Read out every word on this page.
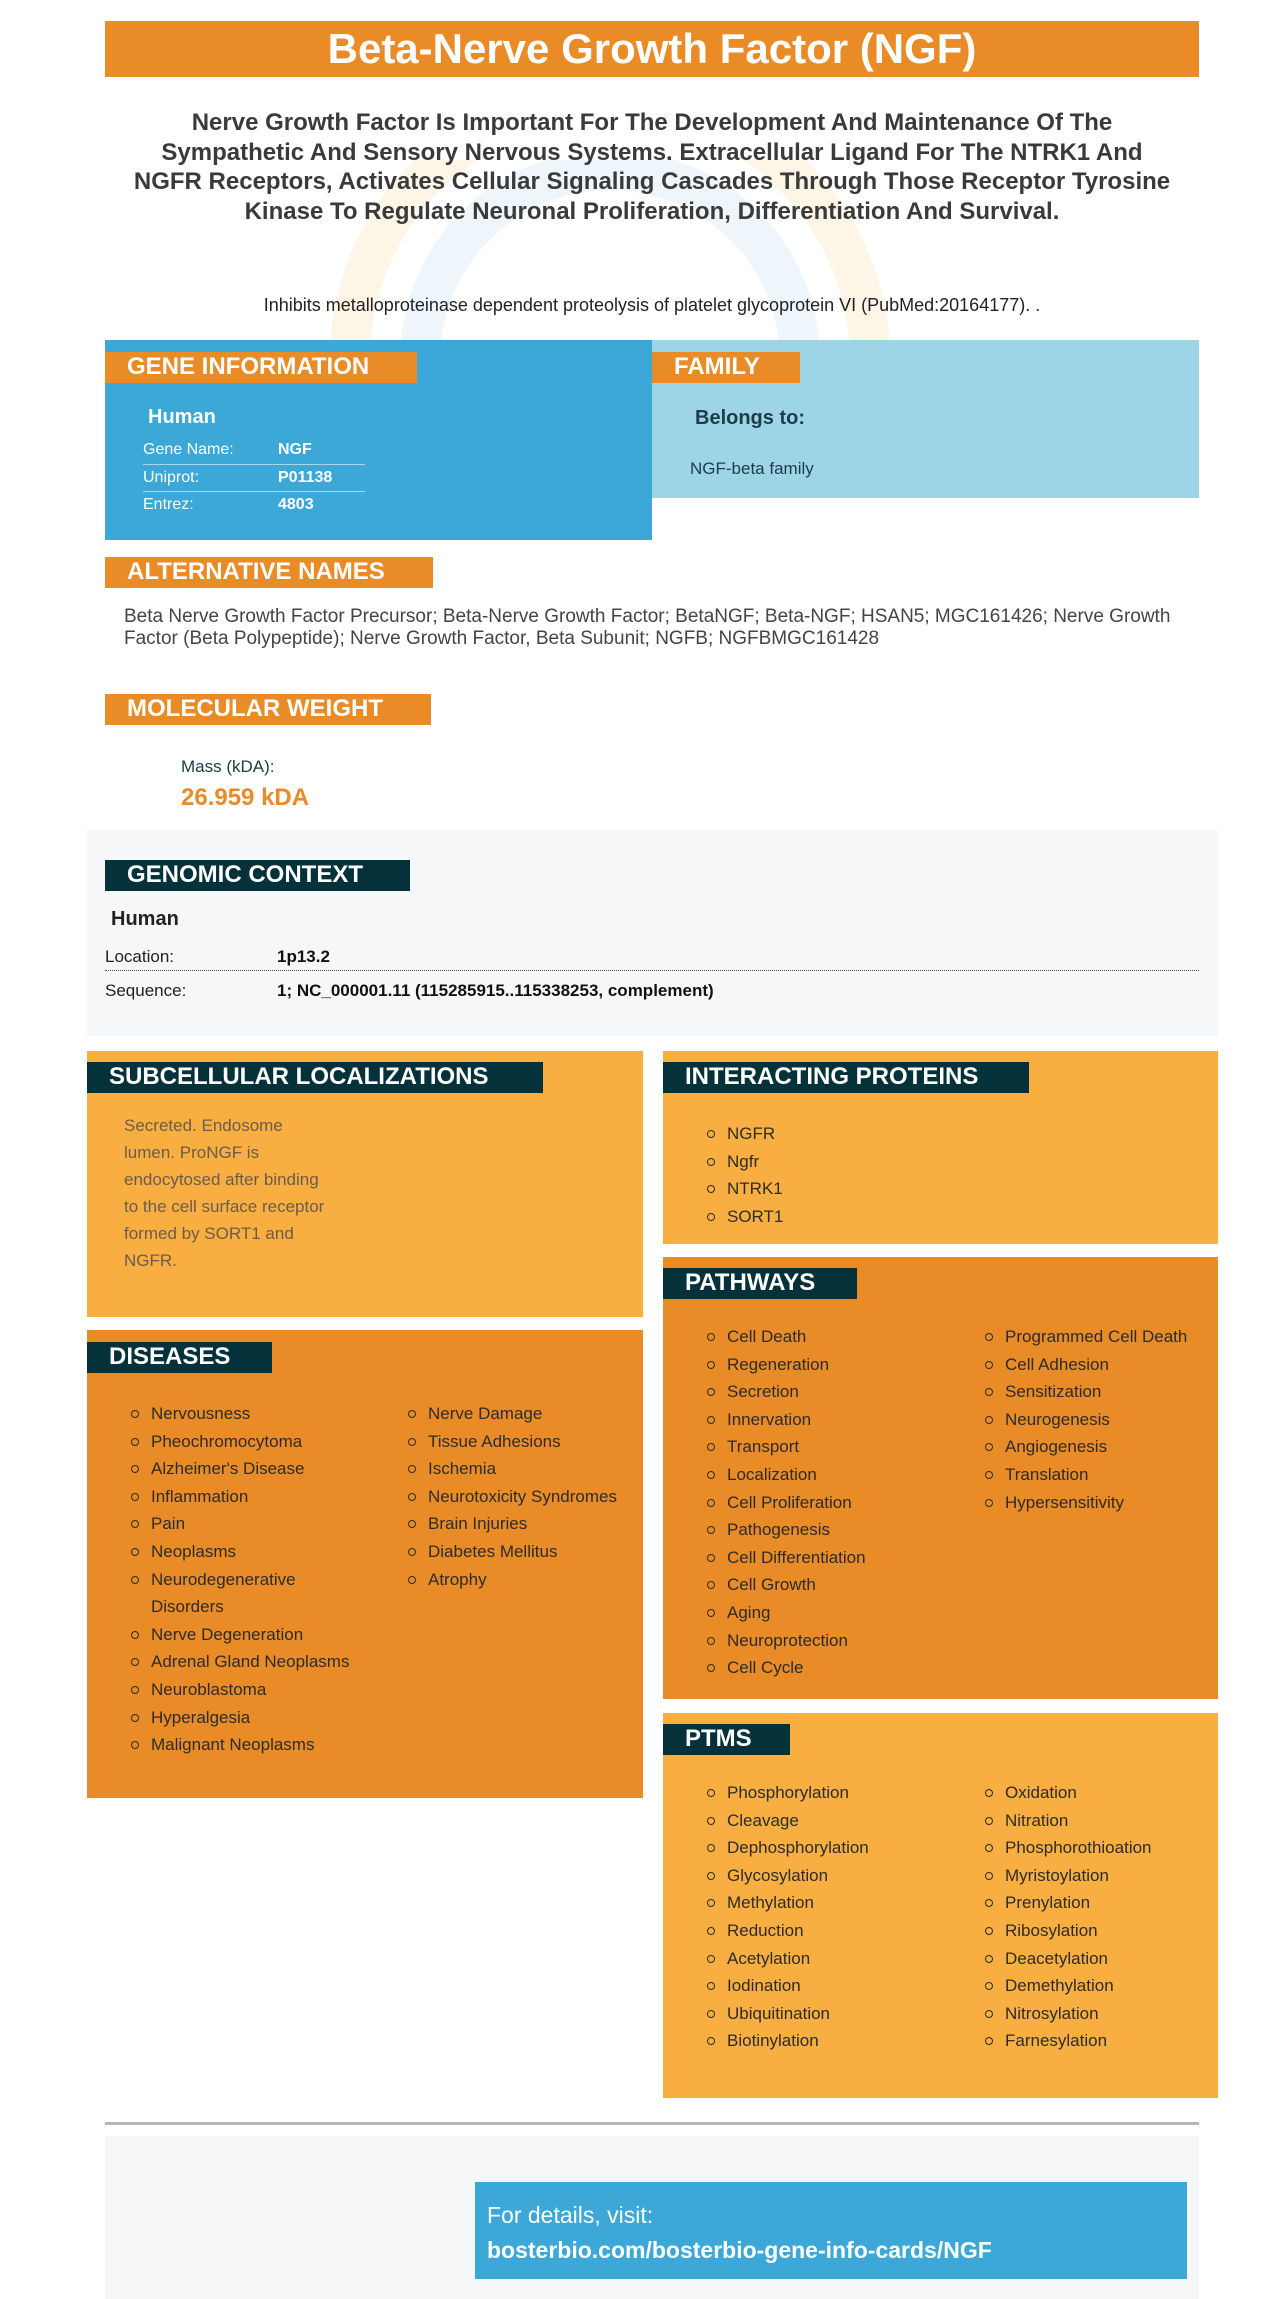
Beta-Nerve Growth Factor (NGF)
Nerve Growth Factor Is Important For The Development And Maintenance Of The Sympathetic And Sensory Nervous Systems. Extracellular Ligand For The NTRK1 And NGFR Receptors, Activates Cellular Signaling Cascades Through Those Receptor Tyrosine Kinase To Regulate Neuronal Proliferation, Differentiation And Survival.
Inhibits metalloproteinase dependent proteolysis of platelet glycoprotein VI (PubMed:20164177). .
GENE INFORMATION
Human
Gene Name:	NGF
Uniprot:	P01138
Entrez:	4803
FAMILY
Belongs to:
NGF-beta family
ALTERNATIVE NAMES
Beta Nerve Growth Factor Precursor; Beta-Nerve Growth Factor; BetaNGF; Beta-NGF; HSAN5; MGC161426; Nerve Growth Factor (Beta Polypeptide); Nerve Growth Factor, Beta Subunit; NGFB; NGFBMGC161428
MOLECULAR WEIGHT
Mass (kDA):
26.959 kDA
GENOMIC CONTEXT
Human
Location:	1p13.2
Sequence:	1; NC_000001.11 (115285915..115338253, complement)
SUBCELLULAR LOCALIZATIONS
Secreted. Endosome lumen. ProNGF is endocytosed after binding to the cell surface receptor formed by SORT1 and NGFR.
DISEASES
Nervousness
Pheochromocytoma
Alzheimer's Disease
Inflammation
Pain
Neoplasms
Neurodegenerative Disorders
Nerve Degeneration
Adrenal Gland Neoplasms
Neuroblastoma
Hyperalgesia
Malignant Neoplasms
Nerve Damage
Tissue Adhesions
Ischemia
Neurotoxicity Syndromes
Brain Injuries
Diabetes Mellitus
Atrophy
INTERACTING PROTEINS
NGFR
Ngfr
NTRK1
SORT1
PATHWAYS
Cell Death
Regeneration
Secretion
Innervation
Transport
Localization
Cell Proliferation
Pathogenesis
Cell Differentiation
Cell Growth
Aging
Neuroprotection
Cell Cycle
Programmed Cell Death
Cell Adhesion
Sensitization
Neurogenesis
Angiogenesis
Translation
Hypersensitivity
PTMS
Phosphorylation
Cleavage
Dephosphorylation
Glycosylation
Methylation
Reduction
Acetylation
Iodination
Ubiquitination
Biotinylation
Oxidation
Nitration
Phosphorothioation
Myristoylation
Prenylation
Ribosylation
Deacetylation
Demethylation
Nitrosylation
Farnesylation
For details, visit:
bosterbio.com/bosterbio-gene-info-cards/NGF
